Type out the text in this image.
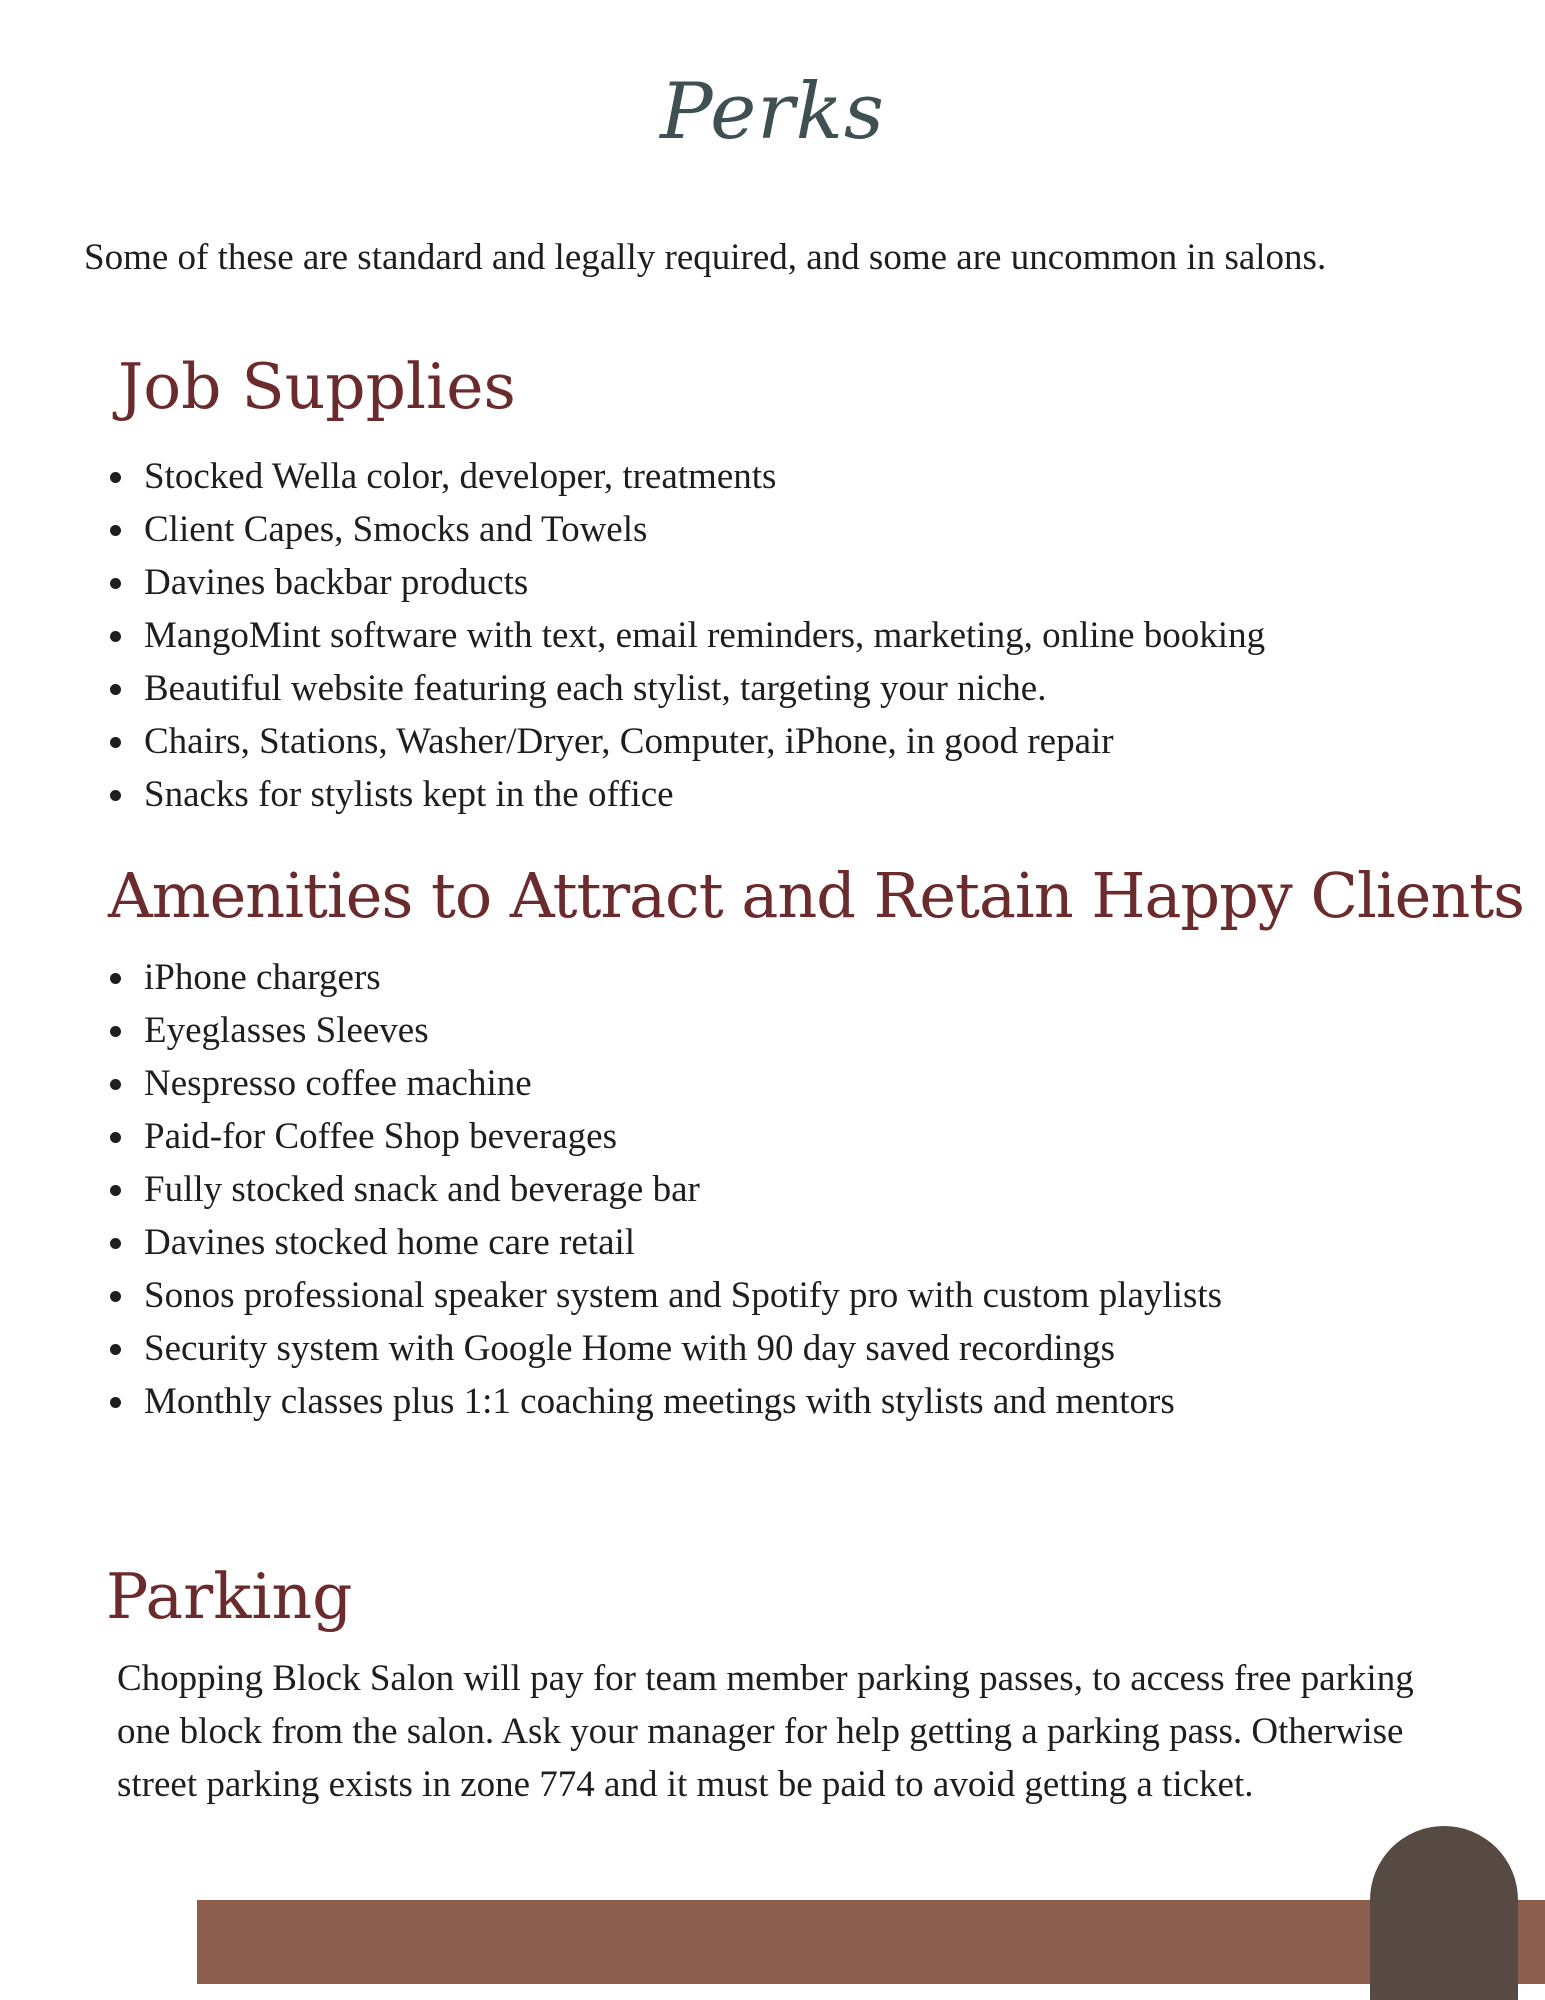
Perks

Some of these are standard and legally required, and some are uncommon in salons.

Job Supplies
Stocked Wella color, developer, treatments
Client Capes, Smocks and Towels
Davines backbar products
MangoMint software with text, email reminders, marketing, online booking
Beautiful website featuring each stylist, targeting your niche.
Chairs, Stations, Washer/Dryer, Computer, iPhone, in good repair
Snacks for stylists kept in the office
Amenities to Attract and Retain Happy Clients
iPhone chargers
Eyeglasses Sleeves
Nespresso coffee machine
Paid-for Coffee Shop beverages
Fully stocked snack and beverage bar
Davines stocked home care retail
Sonos professional speaker system and Spotify pro with custom playlists
Security system with Google Home with 90 day saved recordings
Monthly classes plus 1:1 coaching meetings with stylists and mentors
Parking

Chopping Block Salon will pay for team member parking passes, to access free parking
one block from the salon. Ask your manager for help getting a parking pass. Otherwise
street parking exists in zone 774 and it must be paid to avoid getting a ticket.
